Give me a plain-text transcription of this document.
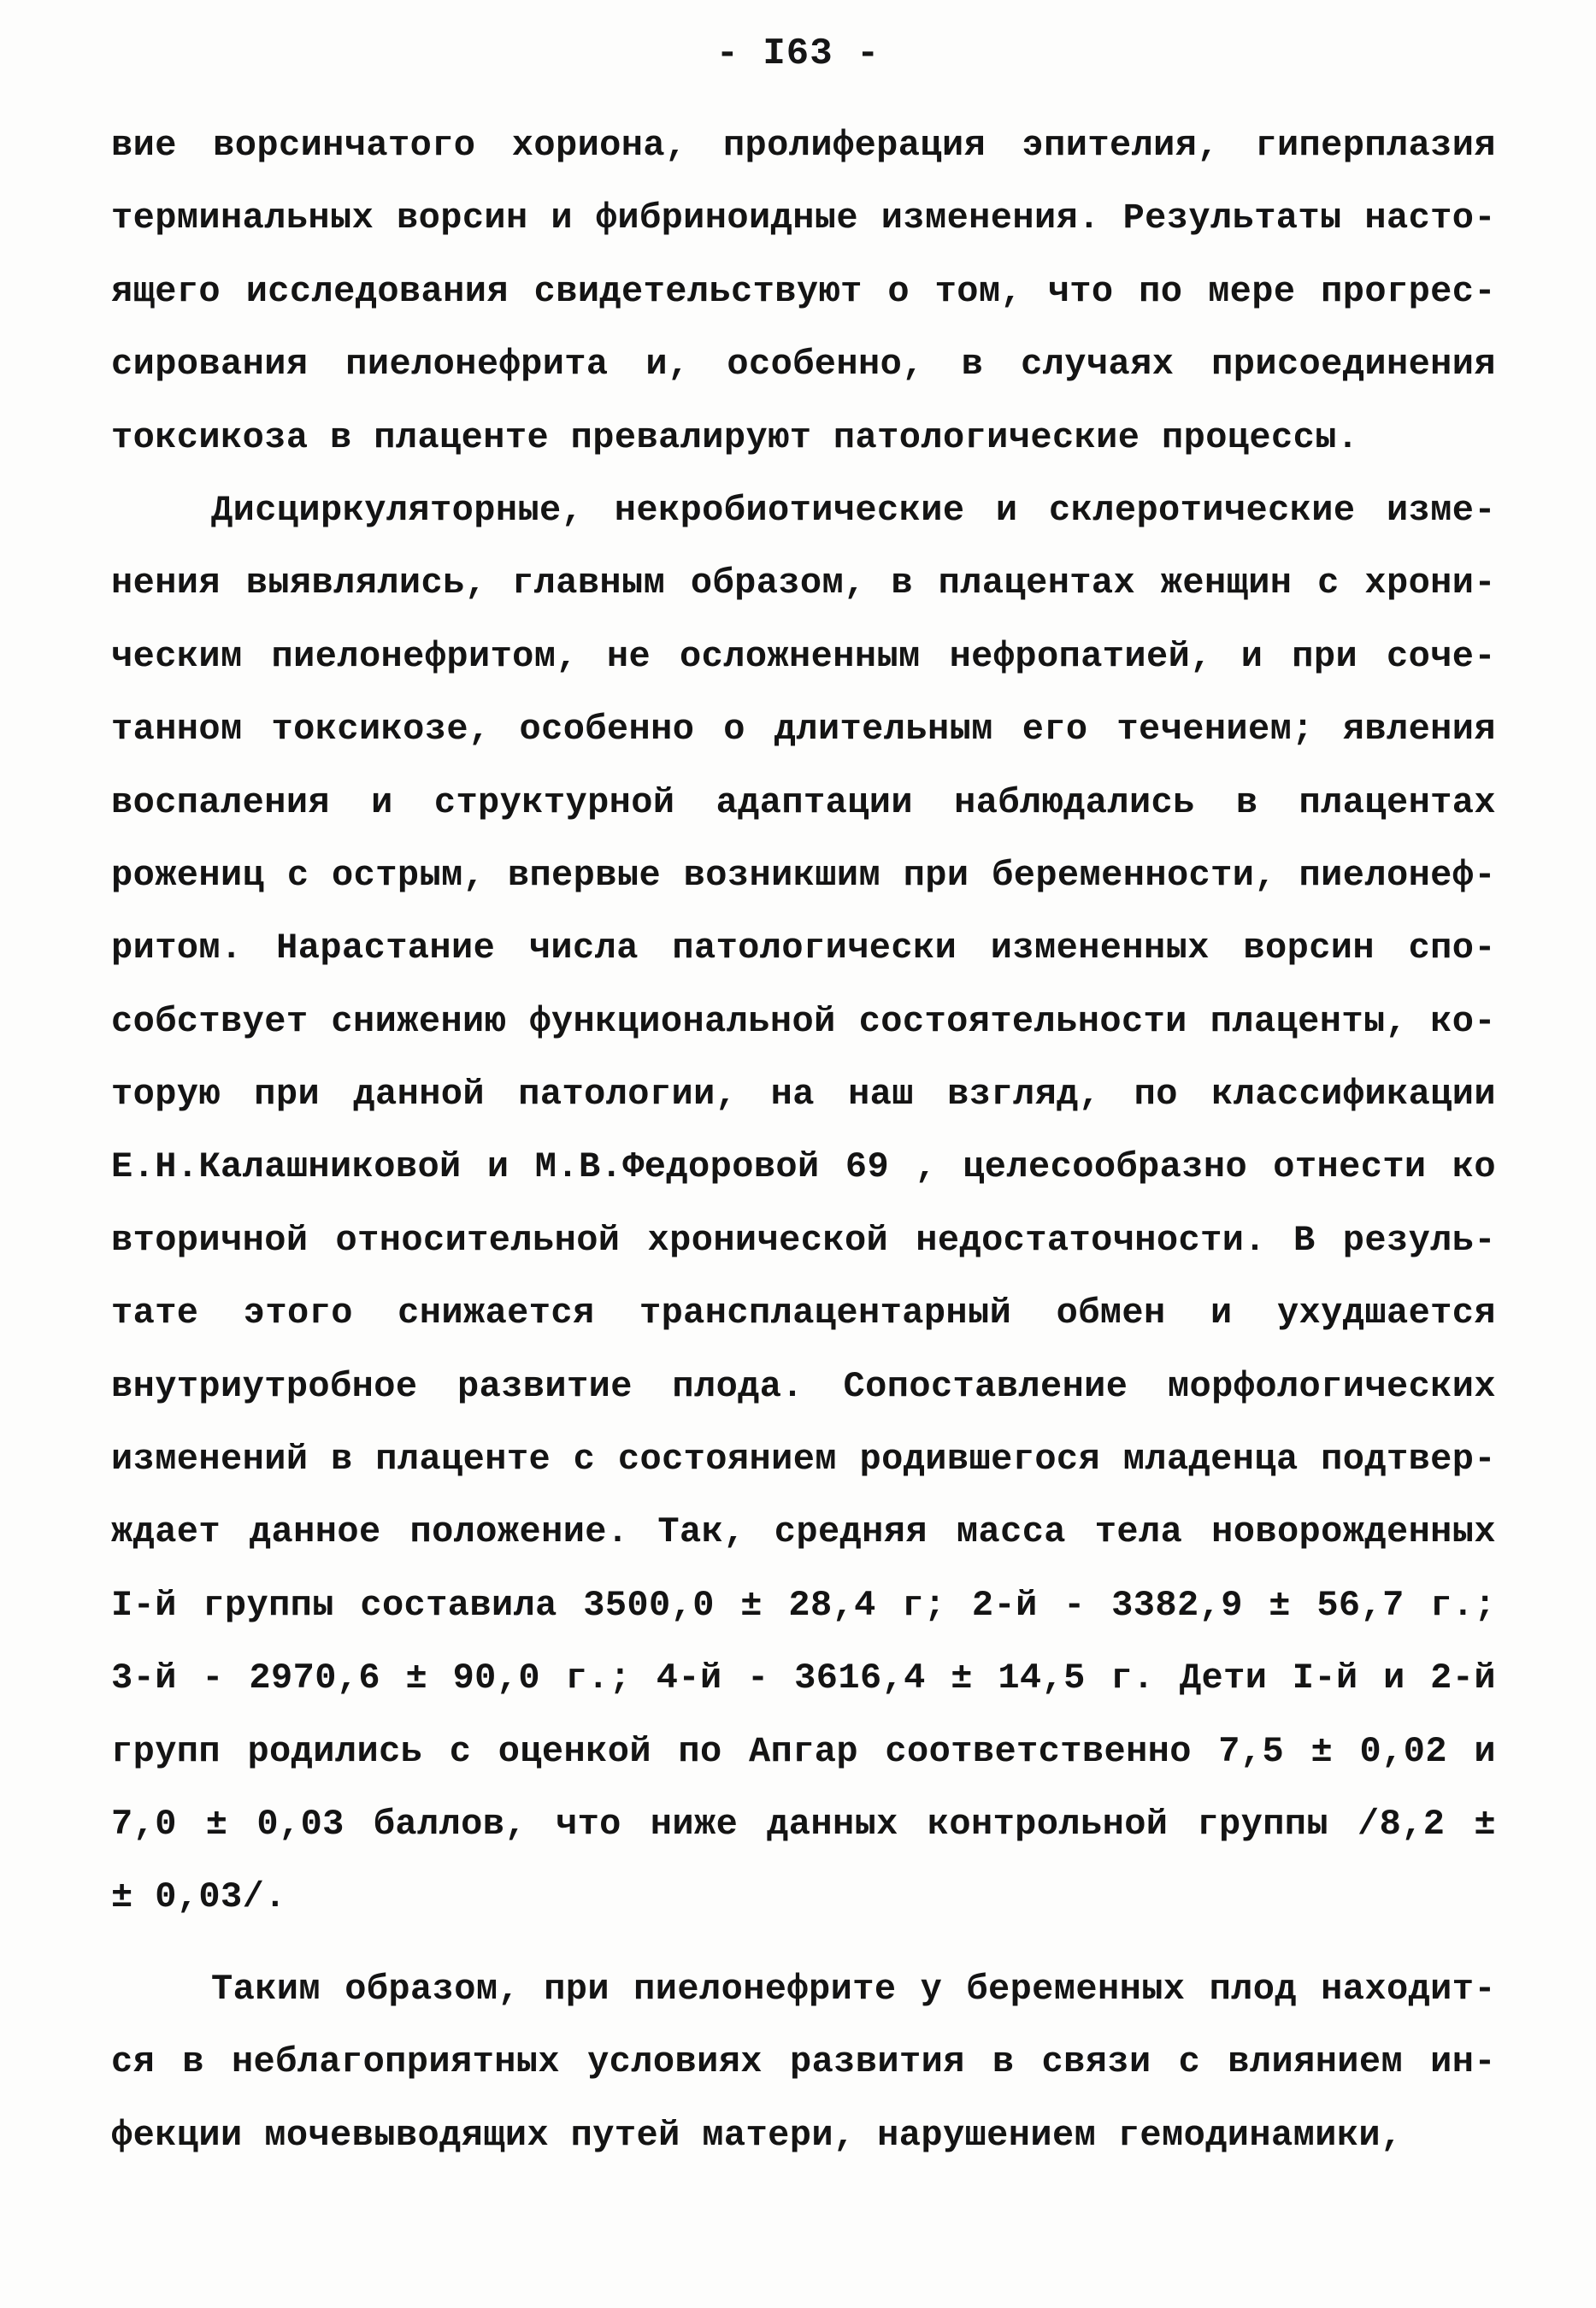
- I63 -
вие ворсинчатого хориона, пролиферация эпителия, гиперплазия
терминальных ворсин и фибриноидные изменения. Результаты насто-
ящего исследования свидетельствуют о том, что по мере прогрес-
сирования пиелонефрита и, особенно, в случаях присоединения
токсикоза в плаценте превалируют патологические процессы.
Дисциркуляторные, некробиотические и склеротические изме-
нения выявлялись, главным образом, в плацентах женщин с хрони-
ческим пиелонефритом, не осложненным нефропатией, и при соче-
танном токсикозе, особенно о длительным его течением; явления
воспаления и структурной адаптации наблюдались в плацентах
рожениц с острым, впервые возникшим при беременности, пиелонеф-
ритом. Нарастание числа патологически измененных ворсин спо-
собствует снижению функциональной состоятельности плаценты, ко-
торую при данной патологии, на наш взгляд, по классификации
Е.Н.Калашниковой и М.В.Федоровой 69 , целесообразно отнести ко
вторичной относительной хронической недостаточности. В резуль-
тате этого снижается трансплацентарный обмен и ухудшается
внутриутробное развитие плода. Сопоставление морфологических
изменений в плаценте с состоянием родившегося младенца подтвер-
ждает данное положение. Так, средняя масса тела новорожденных
I-й группы составила 3500,0 ± 28,4 г; 2-й - 3382,9 ± 56,7 г.;
3-й - 2970,6 ± 90,0 г.; 4-й - 3616,4 ± 14,5 г. Дети I-й и 2-й
групп родились с оценкой по Апгар соответственно 7,5 ± 0,02 и
7,0 ± 0,03 баллов, что ниже данных контрольной группы /8,2 ±
± 0,03/.
Таким образом, при пиелонефрите у беременных плод находит-
ся в неблагоприятных условиях развития в связи с влиянием ин-
фекции мочевыводящих путей матери, нарушением гемодинамики,
